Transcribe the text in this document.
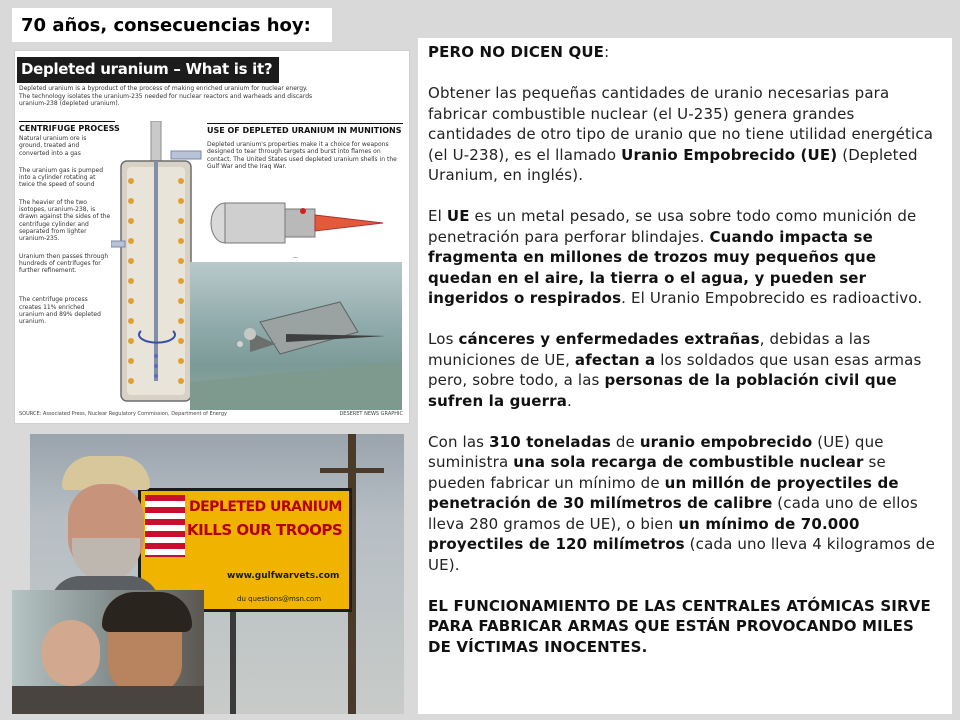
70 años, consecuencias hoy:
Depleted uranium – What is it?
Depleted uranium is a byproduct of the process of making enriched uranium for nuclear energy. The technology isolates the uranium-235 needed for nuclear reactors and warheads and discards uranium-238 (depleted uranium).
CENTRIFUGE PROCESS	USE OF DEPLETED URANIUM IN MUNITIONS
Depleted uranium's properties make it a choice for weapons designed to tear through targets and burst into flames on contact. The United States used depleted uranium shells in the Gulf War and the Iraq War.
Natural uranium ore is ground, treated and converted into a gas
The uranium gas is pumped into a cylinder rotating at twice the speed of sound
The heavier of the two isotopes, uranium-238, is drawn against the sides of the centrifuge cylinder and separated from lighter uranium-235.
Uranium then passes through hundreds of centrifuges for further refinement.
The centrifuge process creates 11% enriched uranium and 89% depleted uranium.
—
SOURCE: Associated Press, Nuclear Regulatory Commission, Department of Energy	DESERET NEWS GRAPHIC
DEPLETED URANIUM
KILLS OUR TROOPS
www.gulfwarvets.com
du questions@msn.com

PERO NO DICEN QUE:

Obtener las pequeñas cantidades de uranio necesarias para fabricar combustible nuclear (el U-235) genera grandes cantidades de otro tipo de uranio que no tiene utilidad energética (el U-238), es el llamado Uranio Empobrecido (UE) (Depleted Uranium, en inglés).

El UE es un metal pesado, se usa sobre todo como munición de penetración para perforar blindajes. Cuando impacta se fragmenta en millones de trozos muy pequeños que quedan en el aire, la tierra o el agua, y pueden ser ingeridos o respirados. El Uranio Empobrecido es radioactivo.

Los cánceres y enfermedades extrañas, debidas a las municiones de UE, afectan a los soldados que usan esas armas pero, sobre todo, a las personas de la población civil que sufren la guerra.

Con las 310 toneladas de uranio empobrecido (UE) que suministra una sola recarga de combustible nuclear se pueden fabricar un mínimo de un millón de proyectiles de penetración de 30 milímetros de calibre (cada uno de ellos lleva 280 gramos de UE), o bien un mínimo de 70.000 proyectiles de 120 milímetros (cada uno lleva 4 kilogramos de UE).

EL FUNCIONAMIENTO DE LAS CENTRALES ATÓMICAS SIRVE PARA FABRICAR ARMAS QUE ESTÁN PROVOCANDO MILES DE VÍCTIMAS INOCENTES.
